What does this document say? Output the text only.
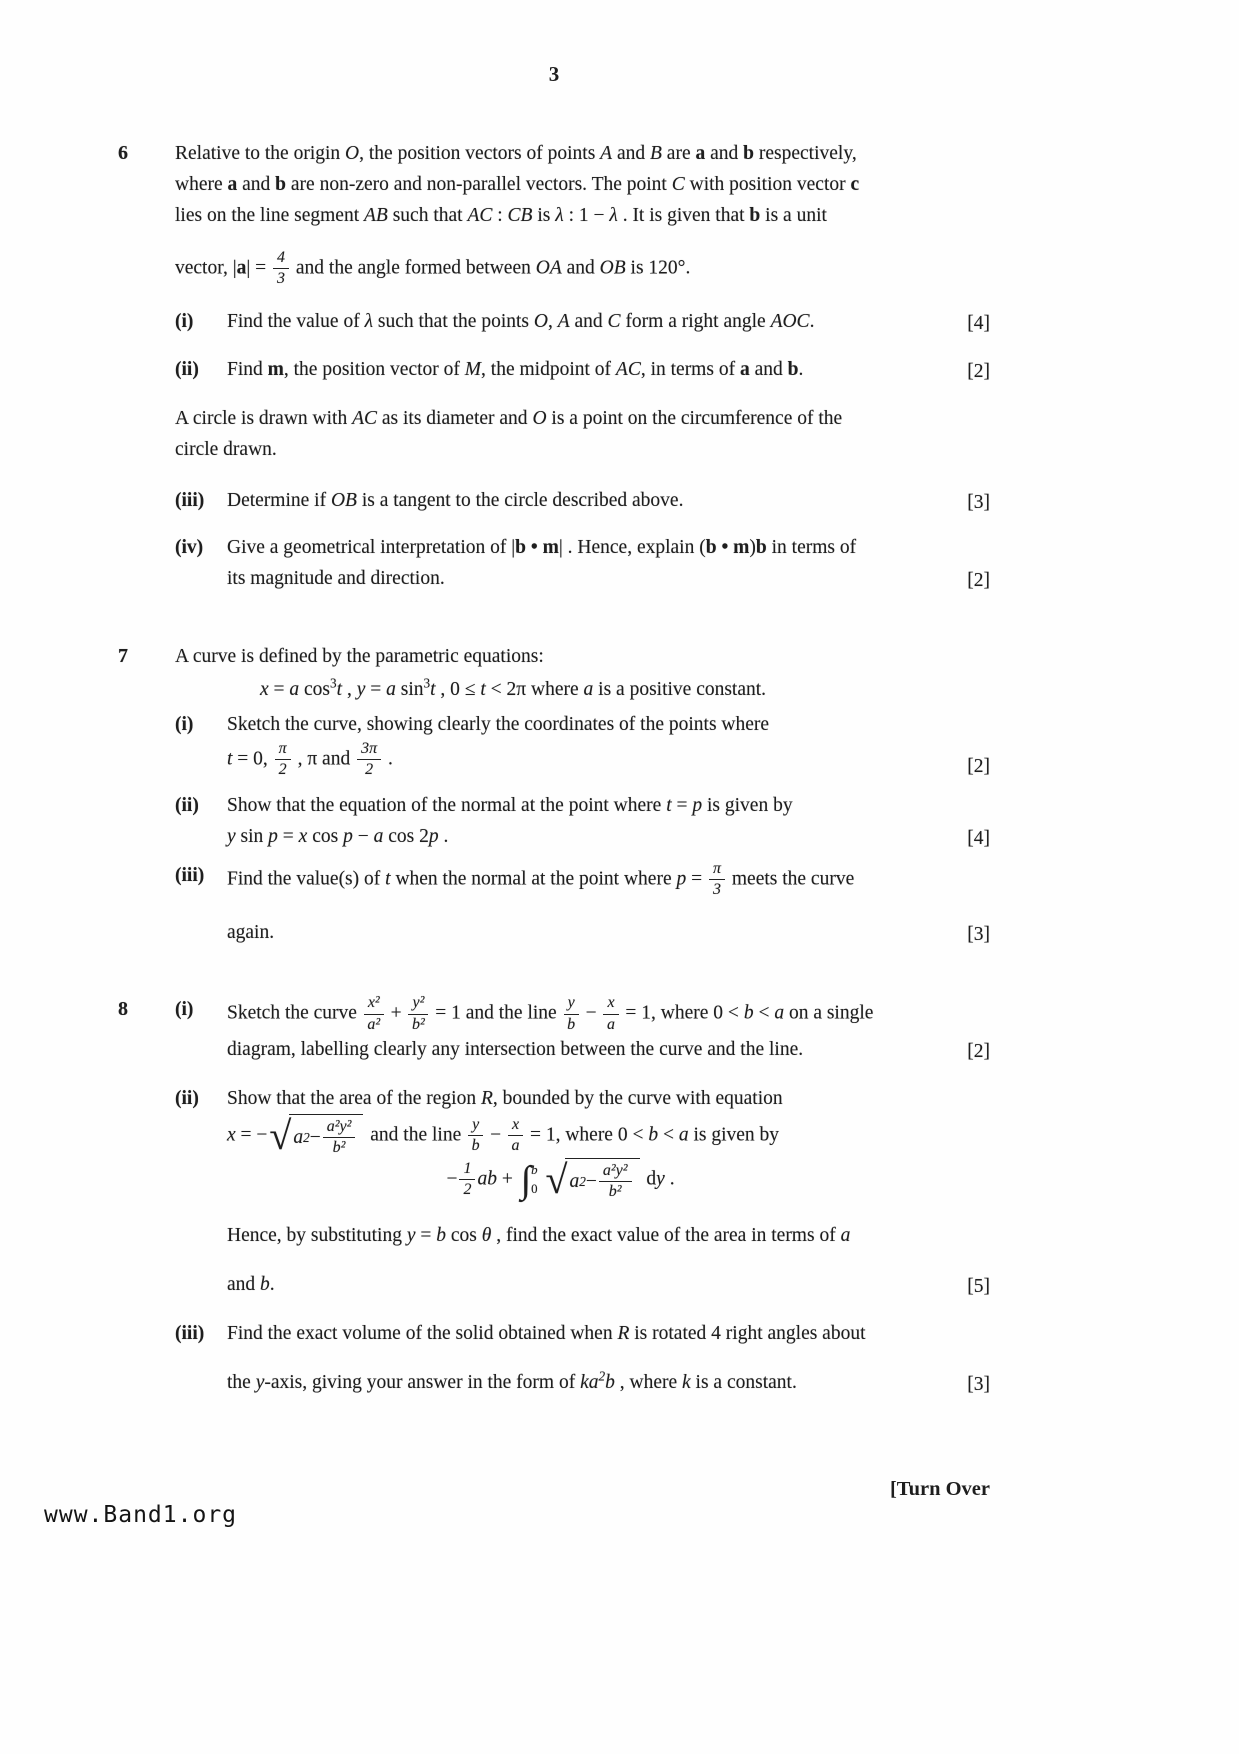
3
6	Relative to the origin O, the position vectors of points A and B are a and b respectively,
where a and b are non-zero and non-parallel vectors. The point C with position vector c
lies on the line segment AB such that AC : CB is λ : 1 − λ . It is given that b is a unit
vector, $|a| = \frac{4}{3}$ and the angle formed between OA and OB is 120°.
(i)	Find the value of λ such that the points O, A and C form a right angle AOC.	[4]
(ii)	Find m, the position vector of M, the midpoint of AC, in terms of a and b.	[2]
A circle is drawn with AC as its diameter and O is a point on the circumference of the
circle drawn.
(iii)	Determine if OB is a tangent to the circle described above.	[3]
(iv)	Give a geometrical interpretation of |b • m| . Hence, explain (b • m)b in terms of
its magnitude and direction.	[2]
7	A curve is defined by the parametric equations:
x = a $\cos^3t$ , y = a $\sin^3t$ , 0 ≤ t < 2π where a is a positive constant.
(i)	Sketch the curve, showing clearly the coordinates of the points where
t = 0, $\frac{\pi}{2}$ , π and $\frac{3\pi}{2}$ .	[2]
(ii)	Show that the equation of the normal at the point where t = p is given by
y sin p = x cos p − a cos 2p .	[4]
(iii)	Find the value(s) of t when the normal at the point where $p = \frac{\pi}{3}$ meets the curve
again.	[3]
8	(i)	Sketch the curve $\frac{\text{x²}}{\text{a²}} + \frac{\text{y²}}{\text{b²}} = 1$ and the line $\frac{y}{b} - \frac{x}{a} = 1$, where 0 < b < a on a single
diagram, labelling clearly any intersection between the curve and the line.	[2]
(ii)	Show that the area of the region R, bounded by the curve with equation
x = − √ a $2 - \frac{\text{a²y²}}{\text{b²}}$ and the line $\frac{y}{b} - \frac{x}{a} = 1$, where 0 < b < a is given by
− $\frac{1}{2}$ ab + ∫ b
0 √ a $2 - \frac{\text{a²y²}}{\text{b²}}$ dy .
Hence, by substituting y = b cos θ , find the exact value of the area in terms of a
and b.	[5]
(iii)	Find the exact volume of the solid obtained when R is rotated 4 right angles about
the y-axis, giving your answer in the form of $ka^2b$ , where k is a constant.	[3]
[Turn Over
www.Band1.org
